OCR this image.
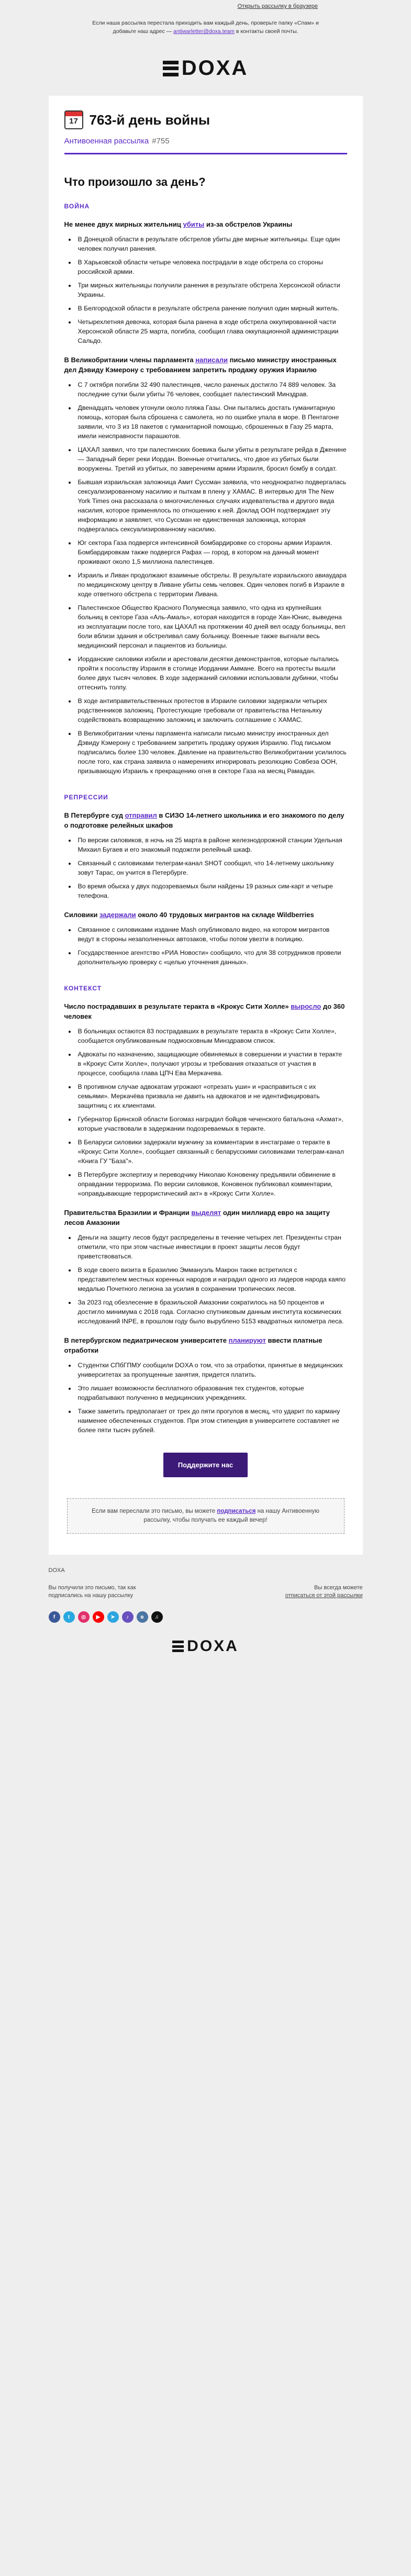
Открыть рассылку в браузере
Если наша рассылка перестала приходить вам каждый день, проверьте папку «Спам» и
добавьте наш адрес — antiwarletter@doxa.team в контакты своей почты.
DOXA
17 763-й день войны
Антивоенная рассылка #755
Что произошло за день?
ВОЙНА

Не менее двух мирных жительниц убиты из-за обстрелов Украины

• В Донецкой области в результате обстрелов убиты две мирные жительницы. Еще один человек получил ранения.
• В Харьковской области четыре человека пострадали в ходе обстрела со стороны российской армии.
• Три мирных жительницы получили ранения в результате обстрела Херсонской области Украины.
• В Белгородской области в результате обстрела ранение получил один мирный житель.
• Четырехлетняя девочка, которая была ранена в ходе обстрела оккупированной части Херсонской области 25 марта, погибла, сообщил глава оккупационной администрации Сальдо.

В Великобритании члены парламента написали письмо министру иностранных дел Дэвиду Кэмерону с требованием запретить продажу оружия Израилю

• С 7 октября погибли 32 490 палестинцев, число раненых достигло 74 889 человек. За последние сутки были убиты 76 человек, сообщает палестинский Минздрав.
• Двенадцать человек утонули около пляжа Газы. Они пытались достать гуманитарную помощь, которая была сброшена с самолета, но по ошибке упала в море. В Пентагоне заявили, что 3 из 18 пакетов с гуманитарной помощью, сброшенных в Газу 25 марта, имели неисправности парашютов.
• ЦАХАЛ заявил, что три палестинских боевика были убиты в результате рейда в Дженине — Западный берег реки Иордан. Военные отчитались, что двое из убитых были вооружены. Третий из убитых, по заверениям армии Израиля, бросил бомбу в солдат.
• Бывшая израильская заложница Амит Суссман заявила, что неоднократно подвергалась сексуализированному насилию и пыткам в плену у ХАМАС. В интервью для The New York Times она рассказала о многочисленных случаях издевательства и другого вида насилия, которое применялось по отношению к ней. Доклад ООН подтверждает эту информацию и заявляет, что Суссман не единственная заложница, которая подвергалась сексуализированному насилию.
• Юг сектора Газа подвергся интенсивной бомбардировке со стороны армии Израиля. Бомбардировкам также подвергся Рафах — город, в котором на данный момент проживают около 1,5 миллиона палестинцев.
• Израиль и Ливан продолжают взаимные обстрелы. В результате израильского авиаудара по медицинскому центру в Ливане убиты семь человек. Один человек погиб в Израиле в ходе ответного обстрела с территории Ливана.
• Палестинское Общество Красного Полумесяца заявило, что одна из крупнейших больниц в секторе Газа «Аль-Амаль», которая находится в городе Хан-Юнис, выведена из эксплуатации после того, как ЦАХАЛ на протяжении 40 дней вел осаду больницы, вел боли вблизи здания и обстреливал саму больницу. Военные также выгнали весь медицинский персонал и пациентов из больницы.
• Иорданские силовики избили и арестовали десятки демонстрантов, которые пытались пройти к посольству Израиля в столице Иордании Аммане. Всего на протесты вышли более двух тысяч человек. В ходе задержаний силовики использовали дубинки, чтобы оттеснить толпу.
• В ходе антиправительственных протестов в Израиле силовики задержали четырех родственников заложниц. Протестующие требовали от правительства Нетаньяху содействовать возвращению заложниц и заключить соглашение с ХАМАС.
• В Великобритании члены парламента написали письмо министру иностранных дел Дэвиду Кэмерону с требованием запретить продажу оружия Израилю. Под письмом подписались более 130 человек. Давление на правительство Великобритании усилилось после того, как страна заявила о намерениях игнорировать резолюцию Совбеза ООН, призывающую Израиль к прекращению огня в секторе Газа на месяц Рамадан.
РЕПРЕССИИ

В Петербурге суд отправил в СИЗО 14-летнего школьника и его знакомого по делу о подготовке релейных шкафов

• По версии силовиков, в ночь на 25 марта в районе железнодорожной станции Удельная Михаил Бугаев и его знакомый подожгли релейный шкаф.
• Связанный с силовиками телеграм-канал SHOT сообщил, что 14-летнему школьнику зовут Тарас, он учится в Петербурге.
• Во время обыска у двух подозреваемых были найдены 19 разных сим-карт и четыре телефона.

Силовики задержали около 40 трудовых мигрантов на складе Wildberries

• Связанное с силовиками издание Mash опубликовало видео, на котором мигрантов ведут в стороны незаполненных автозаков, чтобы потом увезти в полицию.
• Государственное агентство «РИА Новости» сообщило, что для 38 сотрудников провели дополнительную проверку с «целью уточнения данных».
КОНТЕКСТ

Число пострадавших в результате теракта в «Крокус Сити Холле» выросло до 360 человек

• В больницах остаются 83 пострадавших в результате теракта в «Крокус Сити Холле», сообщается опубликованным подмосковным Минздравом список.
• Адвокаты по назначению, защищающие обвиняемых в совершении и участии в теракте в «Крокус Сити Холле», получают угрозы и требования отказаться от участия в процессе, сообщила глава ЦПЧ Ева Меркачева.
• В противном случае адвокатам угрожают «отрезать уши» и «расправиться с их семьями». Меркачёва призвала не давить на адвокатов и не идентифицировать защитниц с их клиентами.
• Губернатор Брянской области Богомаз наградил бойцов чеченского батальона «Ахмат», которые участвовали в задержании подозреваемых в теракте.
• В Беларуси силовики задержали мужчину за комментарии в инстаграме о теракте в «Крокус Сити Холле», сообщает связанный с беларусскими силовиками телеграм-канал «Книга ГУ "База"».
• В Петербурге экспертизу и переводчику Николаю Коновенку предъявили обвинение в оправдании терроризма. По версии силовиков, Коновенок публиковал комментарии, «оправдывающие террористический акт» в «Крокус Сити Холле».

Правительства Бразилии и Франции выделят один миллиард евро на защиту лесов Амазонии

• Деньги на защиту лесов будут распределены в течение четырех лет. Президенты стран отметили, что при этом частные инвестиции в проект защиты лесов будут приветствоваться.
• В ходе своего визита в Бразилию Эммануэль Макрон также встретился с представителем местных коренных народов и наградил одного из лидеров народа каяпо медалью Почетного легиона за усилия в сохранении тропических лесов.
• За 2023 год обезлесение в бразильской Амазонии сократилось на 50 процентов и достигло минимума с 2018 года. Согласно спутниковым данным института космических исследований INPE, в прошлом году было вырублено 5153 квадратных километра леса.

В петербургском педиатрическом университете планируют ввести платные отработки

• Студентки СПбГПМУ сообщили DOXA о том, что за отработки, принятые в медицинских университетах за пропущенные занятия, придется платить.
• Это лишает возможности бесплатного образования тех студентов, которые подрабатывают полученно в медицинских учреждениях.
• Также заметить предполагает от трех до пяти прогулов в месяц, что ударит по карману наименее обеспеченных студентов. При этом стипендия в университете составляет не более пяти тысяч рублей.
Поддержите нас
Если вам переслали это письмо, вы можете подписаться на нашу Антивоенную рассылку, чтобы получать ее каждый вечер!
DOXA
Вы получили это письмо, так как	Вы всегда можете
подписались на нашу рассылку	отписаться от этой рассылки
f	t	◎	▶	➤	♪	в	♫
DOXA
